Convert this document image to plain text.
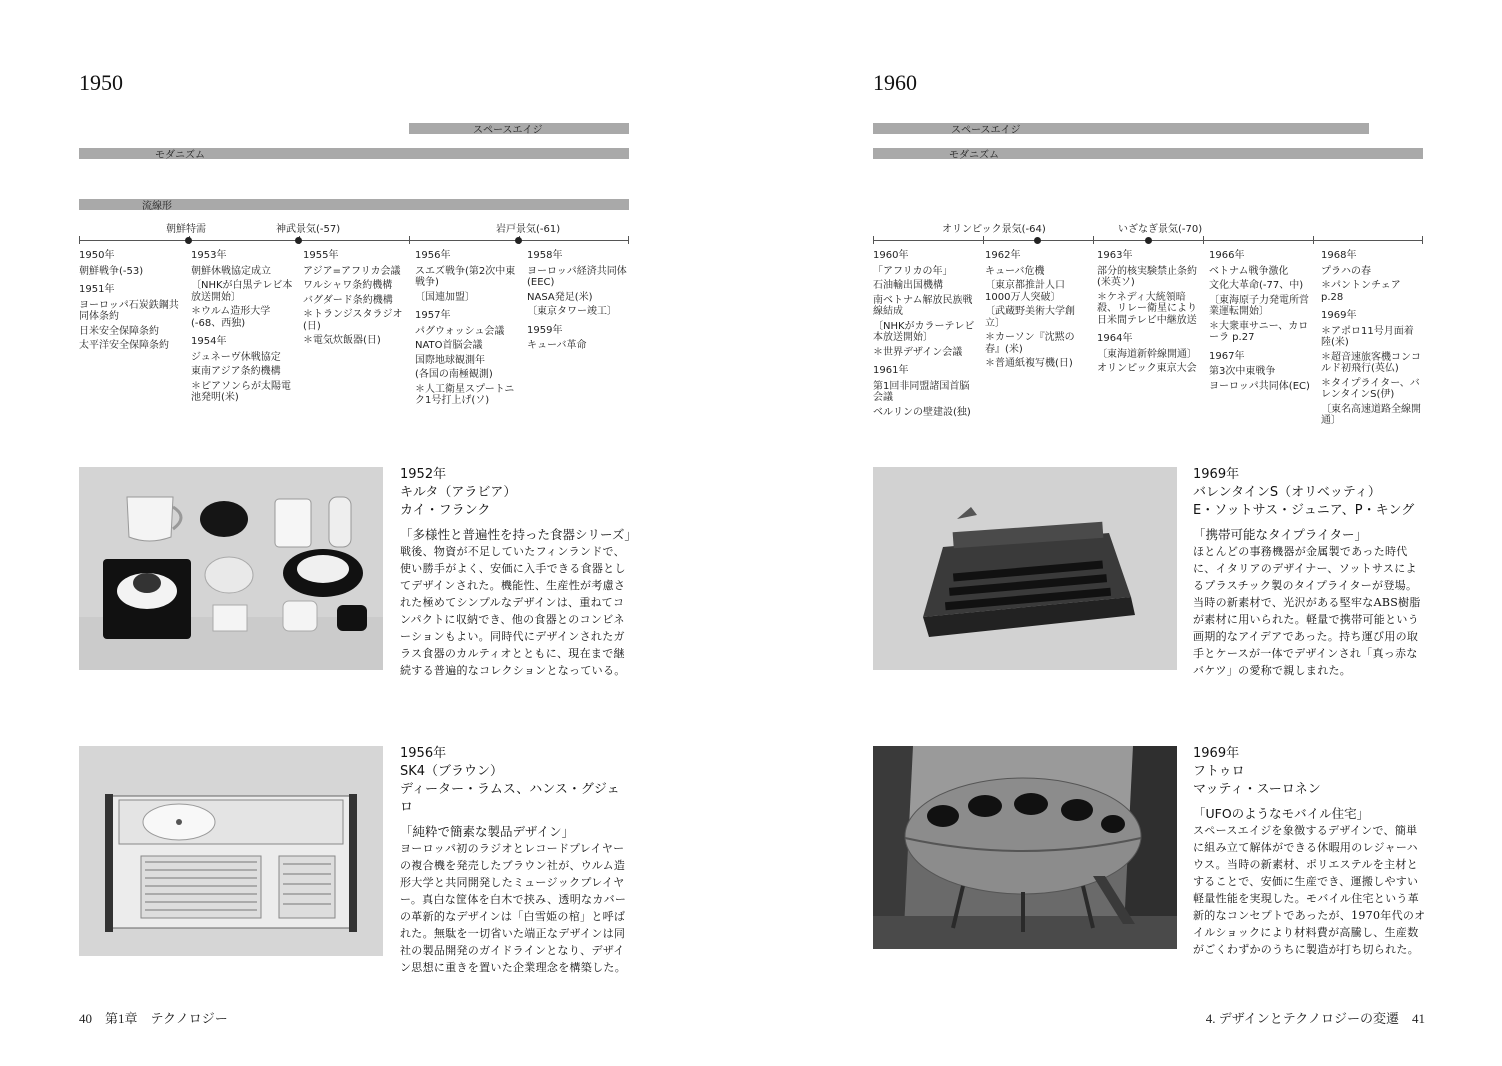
1950
スペースエイジ
モダニズム
流線形
朝鮮特需	神武景気(-57)	岩戸景気(-61)
1950年
朝鮮戦争(-53)
1951年
ヨーロッパ石炭鉄鋼共同体条約
日米安全保障条約
太平洋安全保障条約
1953年
朝鮮休戦協定成立
〔NHKが白黒テレビ本放送開始〕
＊ウルム造形大学(-68、西独)
1954年
ジュネーヴ休戦協定
東南アジア条約機構
＊ピアソンらが太陽電池発明(米)
1955年
アジア=アフリカ会議
ワルシャワ条約機構
バグダード条約機構
＊トランジスタラジオ(日)
＊電気炊飯器(日)
1956年
スエズ戦争(第2次中東戦争)
〔国連加盟〕
1957年
パグウォッシュ会議
NATO首脳会議
国際地球観測年
(各国の南極観測)
＊人工衛星スプートニク1号打上げ(ソ)
1958年
ヨーロッパ経済共同体(EEC)
NASA発足(米)
〔東京タワー竣工〕
1959年
キューバ革命
1952年
キルタ（アラビア）
カイ・フランク
「多様性と普遍性を持った食器シリーズ」
戦後、物資が不足していたフィンランドで、使い勝手がよく、安価に入手できる食器としてデザインされた。機能性、生産性が考慮された極めてシンプルなデザインは、重ねてコンパクトに収納でき、他の食器とのコンビネーションもよい。同時代にデザインされたガラス食器のカルティオとともに、現在まで継続する普遍的なコレクションとなっている。
1956年
SK4（ブラウン）
ディーター・ラムス、ハンス・グジェロ
「純粋で簡素な製品デザイン」
ヨーロッパ初のラジオとレコードプレイヤーの複合機を発売したブラウン社が、ウルム造形大学と共同開発したミュージックプレイヤー。真白な筐体を白木で挟み、透明なカバーの革新的なデザインは「白雪姫の棺」と呼ばれた。無駄を一切省いた端正なデザインは同社の製品開発のガイドラインとなり、デザイン思想に重きを置いた企業理念を構築した。
40　第1章　テクノロジー
1960
スペースエイジ
モダニズム
オリンピック景気(-64)	いざなぎ景気(-70)
1960年
「アフリカの年」
石油輸出国機構
南ベトナム解放民族戦線結成
〔NHKがカラーテレビ本放送開始〕
＊世界デザイン会議
1961年
第1回非同盟諸国首脳会議
ベルリンの壁建設(独)
1962年
キューバ危機
〔東京都推計人口1000万人突破〕
〔武蔵野美術大学創立〕
＊カーソン『沈黙の春』(米)
＊普通紙複写機(日)
1963年
部分的核実験禁止条約(米英ソ)
＊ケネディ大統領暗殺、リレー衛星により日米間テレビ中継放送
1964年
〔東海道新幹線開通〕
オリンピック東京大会
1966年
ベトナム戦争激化
文化大革命(-77、中)
〔東海原子力発電所営業運転開始〕
＊大衆車サニー、カローラ p.27
1967年
第3次中東戦争
ヨーロッパ共同体(EC)
1968年
プラハの春
＊パントンチェア p.28
1969年
＊アポロ11号月面着陸(米)
＊超音速旅客機コンコルド初飛行(英仏)
＊タイプライター、バレンタインS(伊)
〔東名高速道路全線開通〕
1969年
バレンタインS（オリベッティ）
E・ソットサス・ジュニア、P・キング
「携帯可能なタイプライター」
ほとんどの事務機器が金属製であった時代に、イタリアのデザイナー、ソットサスによるプラスチック製のタイプライターが登場。当時の新素材で、光沢がある堅牢なABS樹脂が素材に用いられた。軽量で携帯可能という画期的なアイデアであった。持ち運び用の取手とケースが一体でデザインされ「真っ赤なバケツ」の愛称で親しまれた。
1969年
フトゥロ
マッティ・スーロネン
「UFOのようなモバイル住宅」
スペースエイジを象徴するデザインで、簡単に組み立て解体ができる休暇用のレジャーハウス。当時の新素材、ポリエステルを主材とすることで、安価に生産でき、運搬しやすい軽量性能を実現した。モバイル住宅という革新的なコンセプトであったが、1970年代のオイルショックにより材料費が高騰し、生産数がごくわずかのうちに製造が打ち切られた。
4. デザインとテクノロジーの変遷　41
